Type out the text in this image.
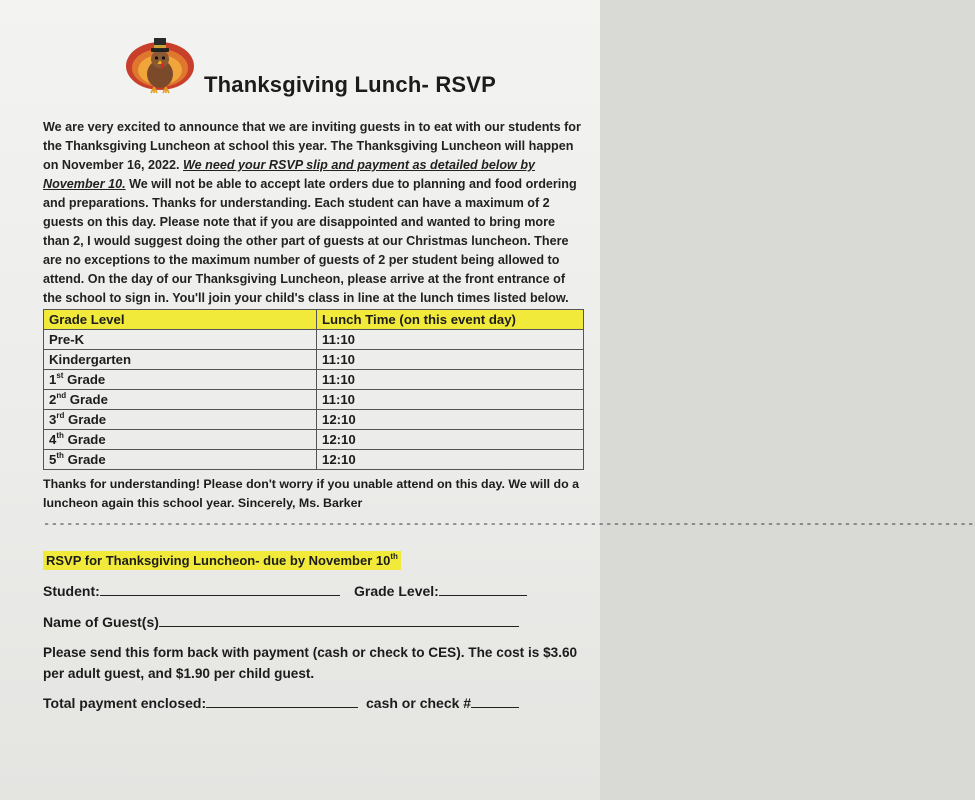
Thanksgiving Lunch- RSVP
We are very excited to announce that we are inviting guests in to eat with our students for the Thanksgiving Luncheon at school this year. The Thanksgiving Luncheon will happen on November 16, 2022. We need your RSVP slip and payment as detailed below by November 10. We will not be able to accept late orders due to planning and food ordering and preparations. Thanks for understanding. Each student can have a maximum of 2 guests on this day. Please note that if you are disappointed and wanted to bring more than 2, I would suggest doing the other part of guests at our Christmas luncheon. There are no exceptions to the maximum number of guests of 2 per student being allowed to attend. On the day of our Thanksgiving Luncheon, please arrive at the front entrance of the school to sign in. You'll join your child's class in line at the lunch times listed below.
Grade Level	Lunch Time (on this event day)
Pre-K	11:10
Kindergarten	11:10
1st Grade	11:10
2nd Grade	11:10
3rd Grade	12:10
4th Grade	12:10
5th Grade	12:10
Thanks for understanding! Please don't worry if you unable attend on this day. We will do a luncheon again this school year. Sincerely, Ms. Barker
-------------------------------------------------------------------------------------------------------------------------
RSVP for Thanksgiving Luncheon- due by November 10th
Student:	Grade Level:
Name of Guest(s)
Please send this form back with payment (cash or check to CES). The cost is $3.60 per adult guest, and $1.90 per child guest.
Total payment enclosed:	cash or check #
